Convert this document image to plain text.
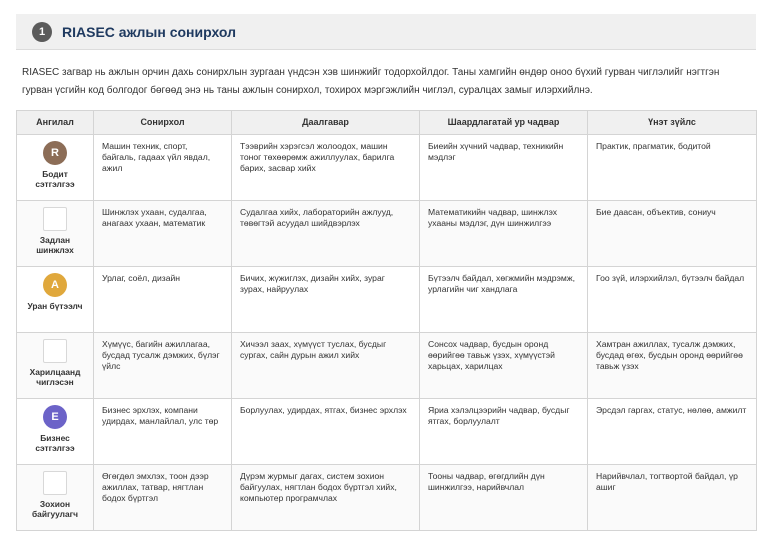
1	RIASEC ажлын сонирхол

RIASEC загвар нь ажлын орчин дахь сонирхлын зургаан үндсэн хэв шинжийг тодорхойлдог. Таны хамгийн өндөр оноо бүхий гурван чиглэлийг нэгтгэн гурван үсгийн код болгодог бөгөөд энэ нь таны ажлын сонирхол, тохирох мэргэжлийн чиглэл, суралцах замыг илэрхийлнэ.

Ангилал	Сонирхол	Даалгавар	Шаардлагатай ур чадвар	Үнэт зүйлс

R
Бодит сэтгэлгээ	Машин техник, спорт, байгаль, гадаах үйл явдал, ажил	Тээврийн хэрэгсэл жолоодох, машин тоног төхөөрөмж ажиллуулах, барилга барих, засвар хийх	Биеийн хүчний чадвар, техникийн мэдлэг	Практик, прагматик, бодитой

Задлан шинжлэх	Шинжлэх ухаан, судалгаа, анагаах ухаан, математик	Судалгаа хийх, лабораторийн ажлууд, төвөгтэй асуудал шийдвэрлэх	Математикийн чадвар, шинжлэх ухааны мэдлэг, дүн шинжилгээ	Бие даасан, объектив, сониуч

A
Уран бүтээлч	Урлаг, соёл, дизайн	Бичих, жүжиглэх, дизайн хийх, зураг зурах, найруулах	Бүтээлч байдал, хөгжмийн мэдрэмж, урлагийн чиг хандлага	Гоо зүй, илэрхийлэл, бүтээлч байдал

Харилцаанд чиглэсэн	Хүмүүс, багийн ажиллагаа, бусдад тусалж дэмжих, бүлэг үйлс	Хичээл заах, хүмүүст туслах, бусдыг сургах, сайн дурын ажил хийх	Сонсох чадвар, бусдын оронд өөрийгөө тавьж үзэх, хүмүүстэй харьцах, харилцах	Хамтран ажиллах, тусалж дэмжих, бусдад өгөх, бусдын оронд өөрийгөө тавьж үзэх

E
Бизнес сэтгэлгээ	Бизнес эрхлэх, компани удирдах, манлайлал, улс төр	Борлуулах, удирдах, ятгах, бизнес эрхлэх	Яриа хэлэлцээрийн чадвар, бусдыг ятгах, борлуулалт	Эрсдэл гаргах, статус, нөлөө, амжилт

Зохион байгуулагч	Өгөгдөл эмхлэх, тоон дээр ажиллах, татвар, нягтлан бодох бүртгэл	Дүрэм журмыг дагах, систем зохион байгуулах, нягтлан бодох бүртгэл хийх, компьютер програмчлах	Тооны чадвар, өгөгдлийн дүн шинжилгээ, нарийвчлал	Нарийвчлал, тогтвортой байдал, үр ашиг
